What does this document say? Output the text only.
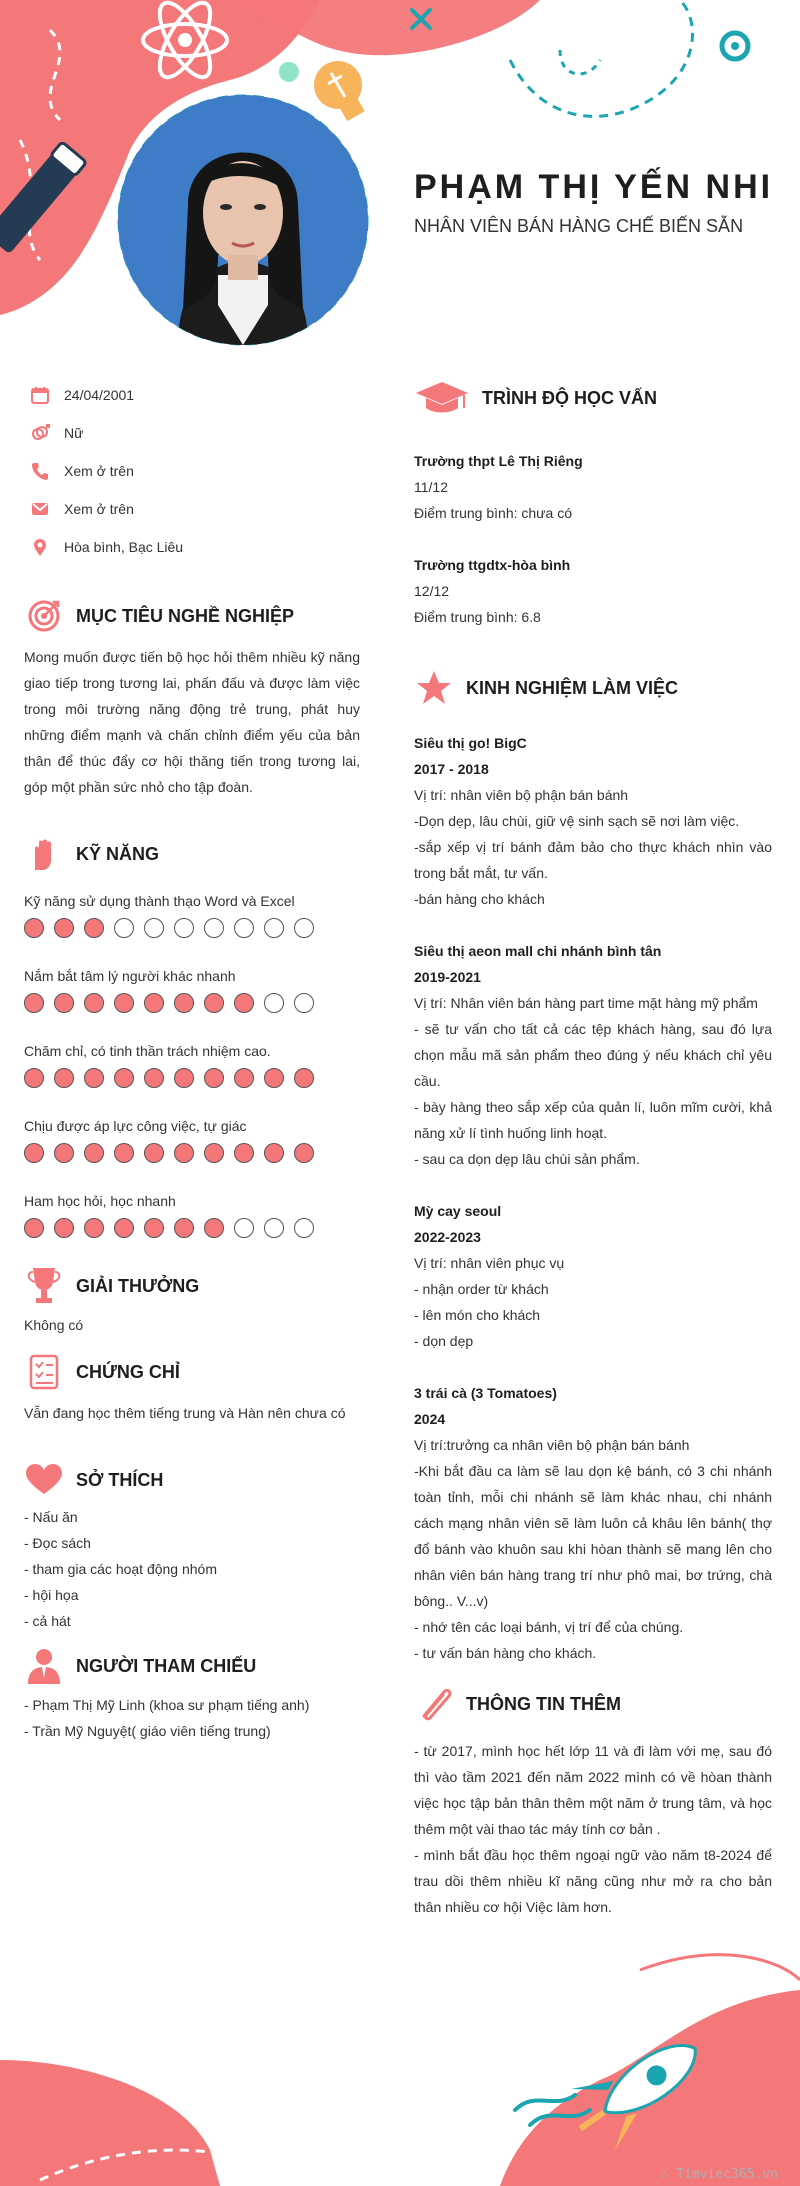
PHẠM THỊ YẾN NHI
NHÂN VIÊN BÁN HÀNG CHẾ BIẾN SẴN
24/04/2001
Nữ
Xem ở trên
Xem ở trên
Hòa bình, Bạc Liêu
MỤC TIÊU NGHỀ NGHIỆP
Mong muốn được tiến bộ học hỏi thêm nhiều kỹ năng giao tiếp trong tương lai, phấn đấu và được làm việc trong môi trường năng động trẻ trung, phát huy những điểm mạnh và chấn chỉnh điểm yếu của bản thân để thúc đẩy cơ hội thăng tiến trong tương lai, góp một phần sức nhỏ cho tập đoàn.
KỸ NĂNG
Kỹ năng sử dụng thành thạo Word và Excel
Nắm bắt tâm lý người khác nhanh
Chăm chỉ, có tinh thần trách nhiệm cao.
Chịu được áp lực công việc, tự giác
Ham học hỏi, học nhanh
GIẢI THƯỞNG
Không có
CHỨNG CHỈ
Vẫn đang học thêm tiếng trung và Hàn nên chưa có
SỞ THÍCH
- Nấu ăn
- Đọc sách
- tham gia các hoạt động nhóm
- hội họa
- cả hát
NGƯỜI THAM CHIẾU
- Phạm Thị Mỹ Linh (khoa sư phạm tiếng anh)
- Trần Mỹ Nguyệt( giáo viên tiếng trung)
TRÌNH ĐỘ HỌC VẤN
Trường thpt Lê Thị Riêng
11/12
Điểm trung bình: chưa có
Trường ttgdtx-hòa bình
12/12
Điểm trung bình: 6.8
KINH NGHIỆM LÀM VIỆC
Siêu thị go! BigC
2017 - 2018
Vị trí: nhân viên bộ phận bán bánh
-Dọn dẹp, lâu chùi, giữ vệ sinh sạch sẽ nơi làm việc.
-sắp xếp vị trí bánh đảm bảo cho thực khách nhìn vào trong bắt mắt, tư vấn.
-bán hàng cho khách
Siêu thị aeon mall chi nhánh bình tân
2019-2021
Vị trí: Nhân viên bán hàng part time mặt hàng mỹ phẩm
- sẽ tư vấn cho tất cả các tệp khách hàng, sau đó lựa chọn mẫu mã sản phẩm theo đúng ý nếu khách chỉ yêu cầu.
- bày hàng theo sắp xếp của quản lí, luôn mĩm cười, khả năng xử lí tình huống linh hoạt.
- sau ca dọn dẹp lâu chùi sản phẩm.
Mỳ cay seoul
2022-2023
Vị trí: nhân viên phục vụ
- nhận order từ khách
- lên món cho khách
- dọn dẹp
3 trái cà (3 Tomatoes)
2024
Vị trí:trưởng ca nhân viên bộ phận bán bánh
-Khi bắt đầu ca làm sẽ lau dọn kệ bánh, có 3 chi nhánh toàn tỉnh, mỗi chi nhánh sẽ làm khác nhau, chi nhánh cách mạng nhân viên sẽ làm luôn cả khâu lên bánh( thợ đổ bánh vào khuôn sau khi hòan thành sẽ mang lên cho nhân viên bán hàng trang trí như phô mai, bơ trứng, chà bông.. V...v)
- nhớ tên các loại bánh, vị trí để của chúng.
- tư vấn bán hàng cho khách.
THÔNG TIN THÊM
- từ 2017, mình học hết lớp 11 và đi làm với mẹ, sau đó thì vào tầm 2021 đến năm 2022 mình có về hòan thành việc học tập bản thân thêm một năm ở trung tâm, và học thêm một vài thao tác máy tính cơ bản .
- mình bắt đầu học thêm ngoại ngữ vào năm t8-2024 để trau dồi thêm nhiều kĩ năng cũng như mở ra cho bản thân nhiều cơ hội Việc làm hơn.
∴ Timviec365.vn
